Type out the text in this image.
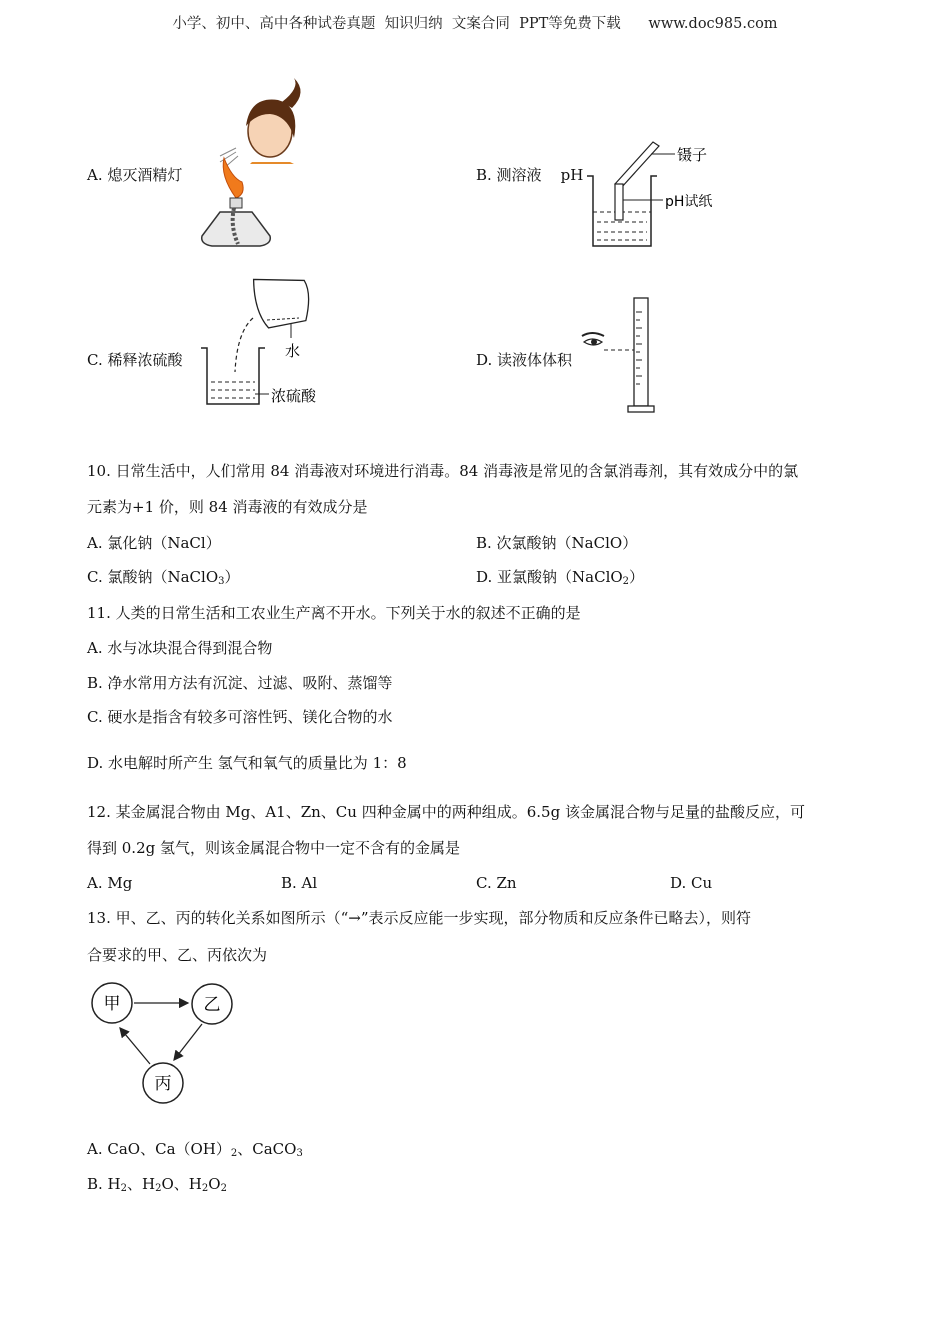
小学、初中、高中各种试卷真题  知识归纳  文案合同  PPT等免费下载      www.doc985.com
A. 熄灭酒精灯	B. 测溶液 pH
镊子
pH试纸
C. 稀释浓硫酸	水
浓硫酸
D. 读液体体积
10. 日常生活中，人们常用 84 消毒液对环境进行消毒。84 消毒液是常见的含氯消毒剂，其有效成分中的氯
元素为+1 价，则 84 消毒液的有效成分是
A. 氯化钠（NaCl）	B. 次氯酸钠（NaClO）
C. 氯酸钠（NaClO$_3$）	D. 亚氯酸钠（NaClO$_2$）
11. 人类的日常生活和工农业生产离不开水。下列关于水的叙述不正确的是
A. 水与冰块混合得到混合物
B. 净水常用方法有沉淀、过滤、吸附、蒸馏等
C. 硬水是指含有较多可溶性钙、镁化合物的水
D. 水电解时所产生 氢气和氧气的质量比为 1：8
12. 某金属混合物由 Mg、A1、Zn、Cu 四种金属中的两种组成。6.5g 该金属混合物与足量的盐酸反应，可
得到 0.2g 氢气，则该金属混合物中一定不含有的金属是
A. Mg	B. Al	C. Zn	D. Cu
13. 甲、乙、丙的转化关系如图所示（“→”表示反应能一步实现，部分物质和反应条件已略去），则符
合要求的甲、乙、丙依次为
甲	乙
丙
A. CaO、$Ca(OH)_2$、CaCO$_3$
B. $H_2$、$H_2O$、$H_2O_2$
